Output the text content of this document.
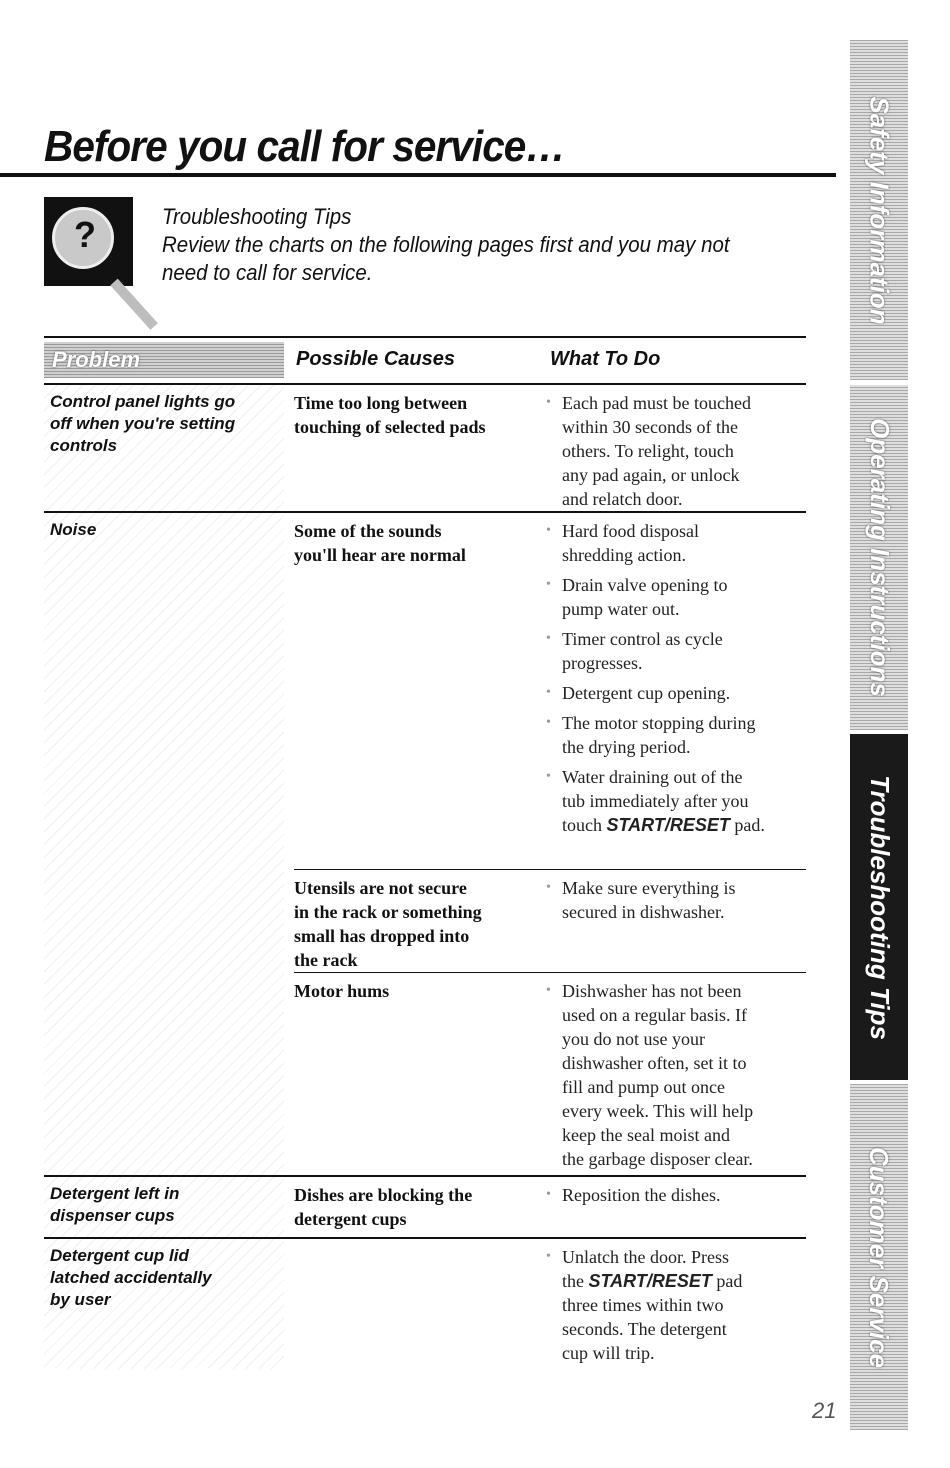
Before you call for service…
?	Troubleshooting Tips
Review the charts on the following pages first and you may not
need to call for service.
Problem	Possible Causes	What To Do
Control panel lights go
off when you're setting
controls
Time too long between
touching of selected pads

• Each pad must be touched
within 30 seconds of the
others. To relight, touch
any pad again, or unlock
and relatch door.

Noise	Some of the sounds
you'll hear are normal

• Hard food disposal
shredding action.

• Drain valve opening to
pump water out.

• Timer control as cycle
progresses.

• Detergent cup opening.

• The motor stopping during
the drying period.

• Water draining out of the
tub immediately after you
touch START/RESET pad.

Utensils are not secure
in the rack or something
small has dropped into
the rack

• Make sure everything is
secured in dishwasher.

Motor hums

•	Dishwasher has not been
used on a regular basis. If
you do not use your
dishwasher often, set it to
fill and pump out once
every week. This will help
keep the seal moist and
the garbage disposer clear.

Detergent left in
dispenser cups
Dishes are blocking the
detergent cups

• Reposition the dishes.

Detergent cup lid
latched accidentally
by user

• Unlatch the door. Press
the START/RESET pad
three times within two
seconds. The detergent
cup will trip.

Safety Information
Operating Instructions
Troubleshooting Tips
Customer Service
21
